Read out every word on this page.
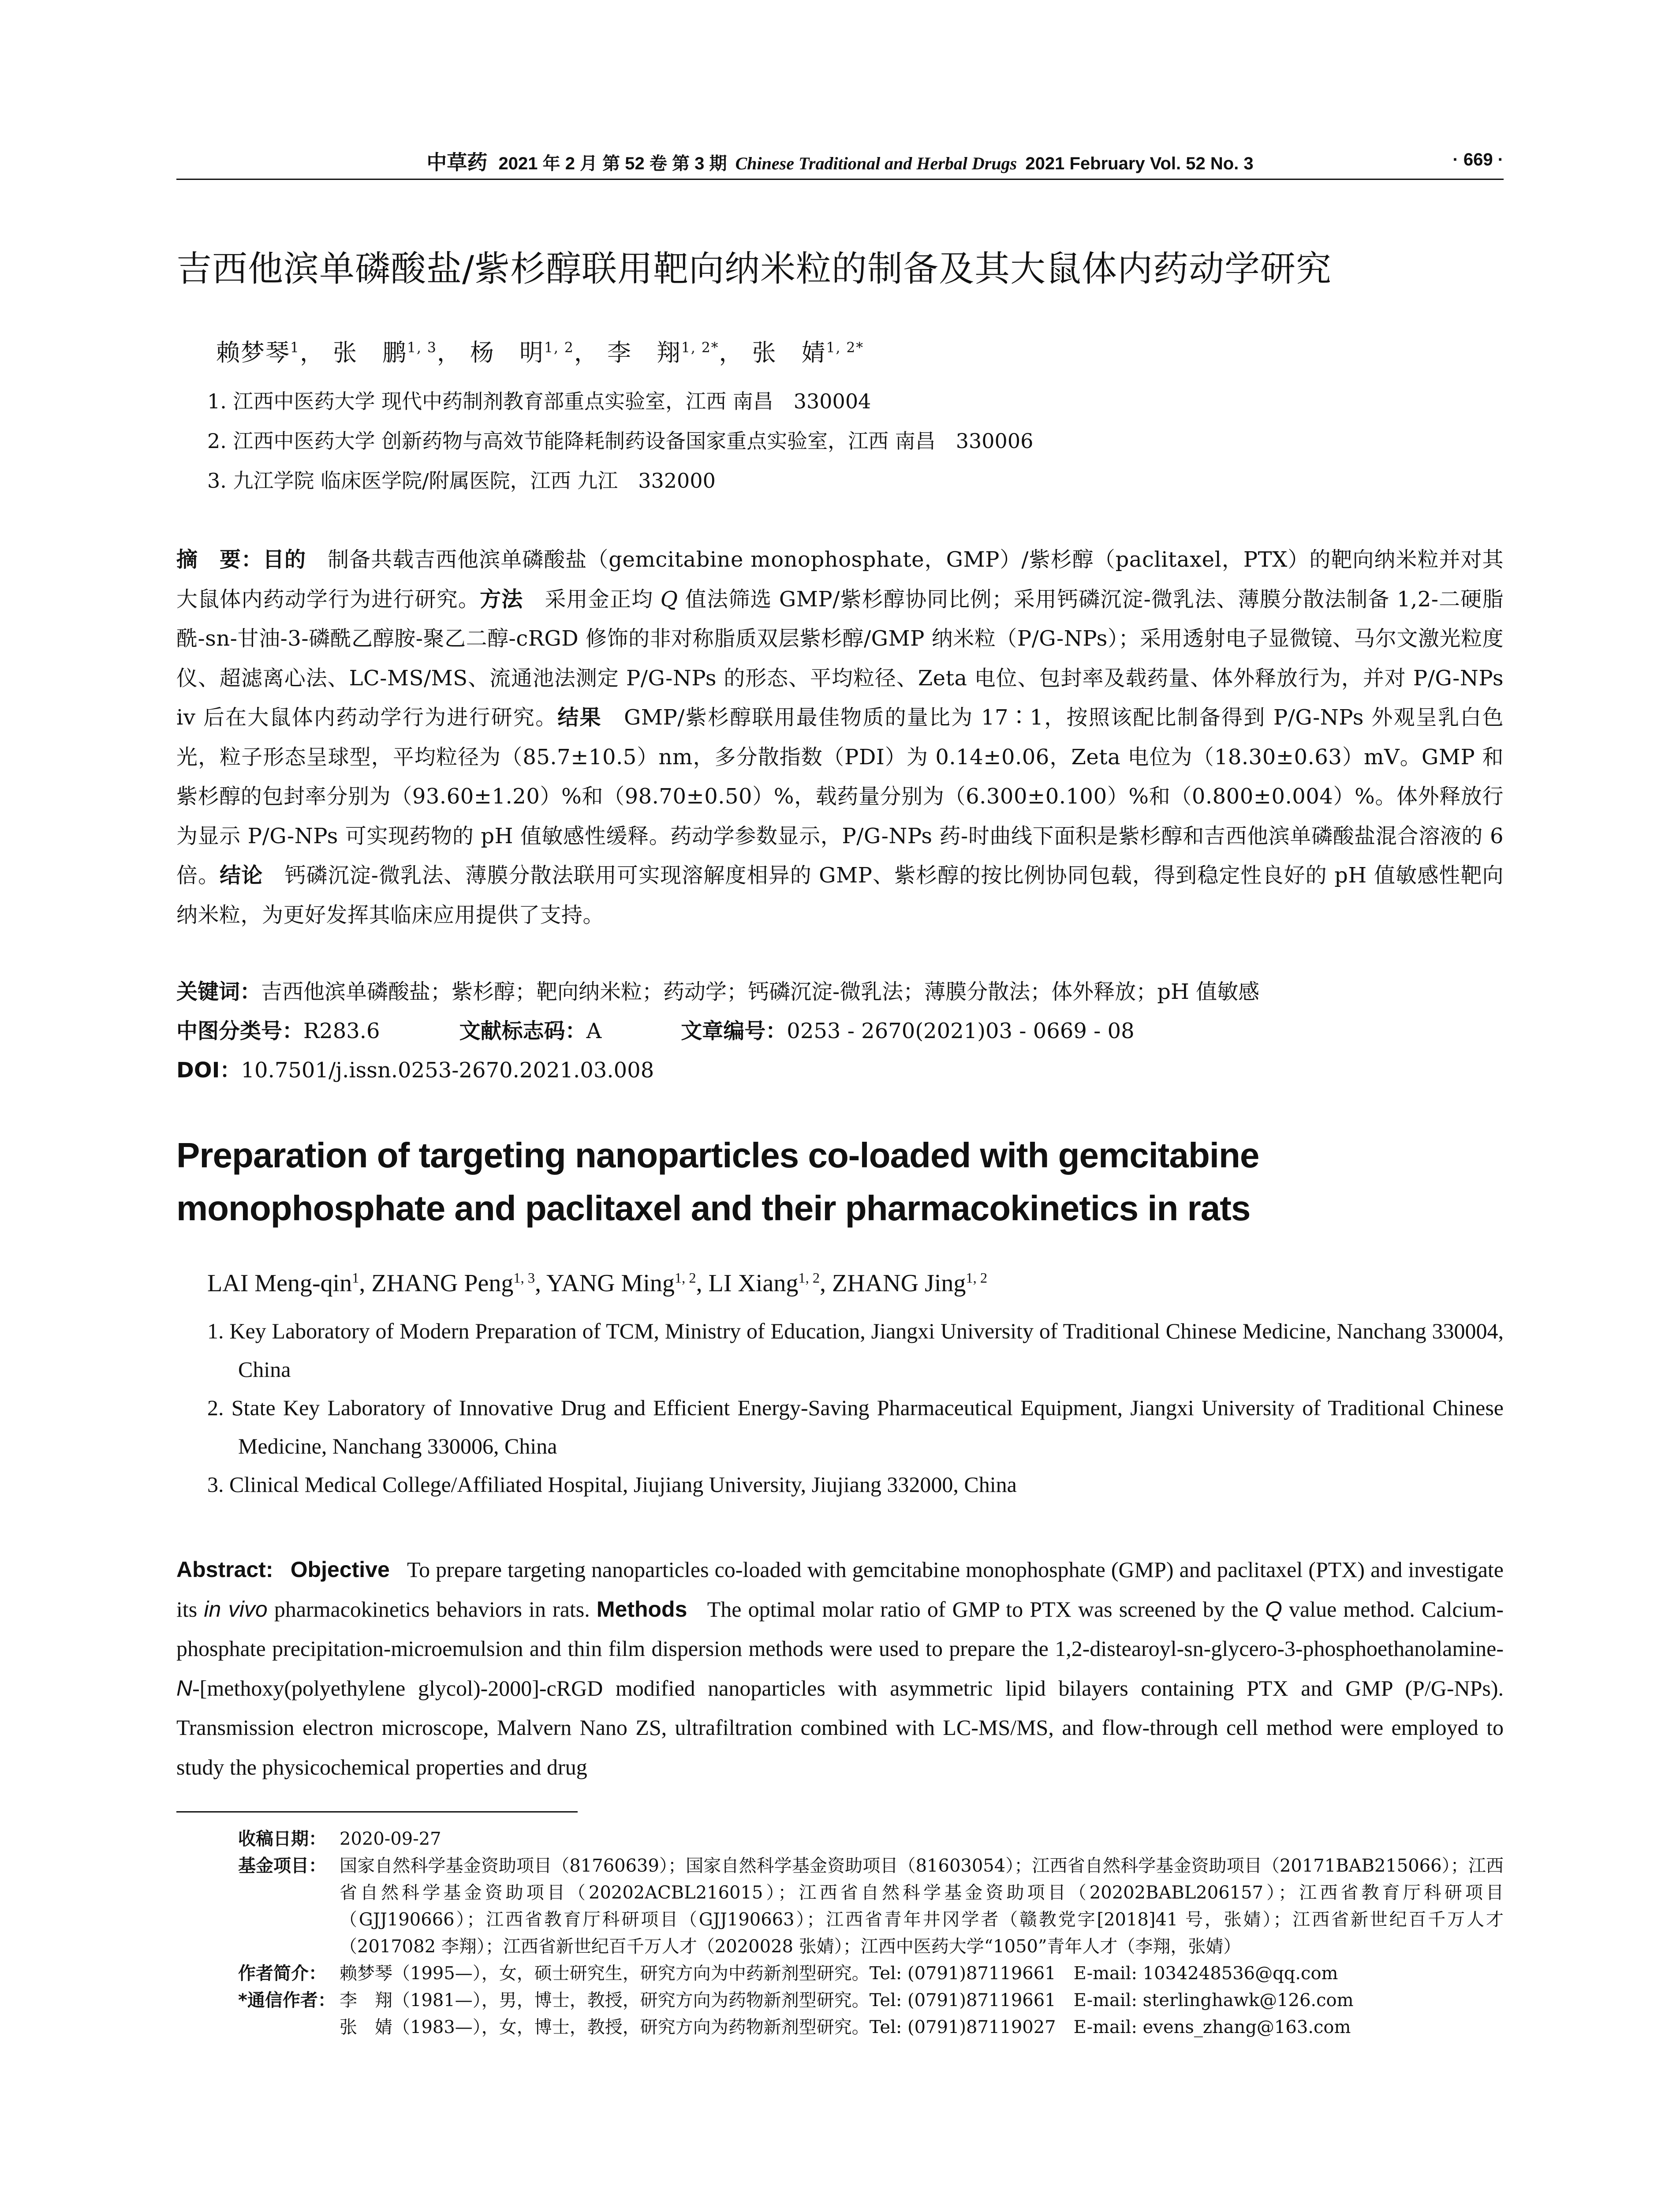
中草药 2021 年 2 月 第 52 卷 第 3 期 Chinese Traditional and Herbal Drugs 2021 February Vol. 52 No. 3	· 669 ·
吉西他滨单磷酸盐/紫杉醇联用靶向纳米粒的制备及其大鼠体内药动学研究
赖梦琴$^1$， 张　鹏$^{1, 3}$， 杨　明$^{1, 2}$， 李　翔$^{1, 2*}$， 张　婧$^{1, 2*}$
1. 江西中医药大学 现代中药制剂教育部重点实验室，江西 南昌　330004
2. 江西中医药大学 创新药物与高效节能降耗制药设备国家重点实验室，江西 南昌　330006
3. 九江学院 临床医学院/附属医院，江西 九江　332000
摘　要：目的　 制备共载吉西他滨单磷酸盐（gemcitabine monophosphate，GMP）/紫杉醇（paclitaxel，PTX）的靶向纳米粒并对其大鼠体内药动学行为进行研究。方法　 采用金正均 Q 值法筛选 GMP/紫杉醇协同比例；采用钙磷沉淀-微乳法、薄膜分散法制备 1,2-二硬脂酰-sn-甘油-3-磷酰乙醇胺-聚乙二醇-cRGD 修饰的非对称脂质双层紫杉醇/GMP 纳米粒（P/G-NPs）；采用透射电子显微镜、马尔文激光粒度仪、超滤离心法、LC-MS/MS、流通池法测定 P/G-NPs 的形态、平均粒径、Zeta 电位、包封率及载药量、体外释放行为，并对 P/G-NPs iv 后在大鼠体内药动学行为进行研究。结果　 GMP/紫杉醇联用最佳物质的量比为 17∶1，按照该配比制备得到 P/G-NPs 外观呈乳白色光，粒子形态呈球型，平均粒径为（85.7±10.5）nm，多分散指数（PDI）为 0.14±0.06，Zeta 电位为（18.30±0.63）mV。GMP 和紫杉醇的包封率分别为（93.60±1.20）%和（98.70±0.50）%，载药量分别为（6.300±0.100）%和（0.800±0.004）%。体外释放行为显示 P/G-NPs 可实现药物的 pH 值敏感性缓释。药动学参数显示，P/G-NPs 药-时曲线下面积是紫杉醇和吉西他滨单磷酸盐混合溶液的 6 倍。结论　 钙磷沉淀-微乳法、薄膜分散法联用可实现溶解度相异的 GMP、紫杉醇的按比例协同包载，得到稳定性良好的 pH 值敏感性靶向纳米粒，为更好发挥其临床应用提供了支持。
关键词：吉西他滨单磷酸盐；紫杉醇；靶向纳米粒；药动学；钙磷沉淀-微乳法；薄膜分散法；体外释放；pH 值敏感
中图分类号：R283.6	文献标志码：A	文章编号：0253 - 2670(2021)03 - 0669 - 08
DOI：10.7501/j.issn.0253-2670.2021.03.008
Preparation of targeting nanoparticles co-loaded with gemcitabine monophosphate and paclitaxel and their pharmacokinetics in rats
LAI Meng-qin$^1$, ZHANG Peng$^{1, 3}$, YANG Ming$^{1, 2}$, LI Xiang$^{1, 2}$, ZHANG Jing$^{1, 2}$
1. Key Laboratory of Modern Preparation of TCM, Ministry of Education, Jiangxi University of Traditional Chinese Medicine, Nanchang 330004, China
2. State Key Laboratory of Innovative Drug and Efficient Energy-Saving Pharmaceutical Equipment, Jiangxi University of Traditional Chinese Medicine, Nanchang 330006, China
3. Clinical Medical College/Affiliated Hospital, Jiujiang University, Jiujiang 332000, China
Abstract: Objective To prepare targeting nanoparticles co-loaded with gemcitabine monophosphate (GMP) and paclitaxel (PTX) and investigate its in vivo pharmacokinetics behaviors in rats. Methods The optimal molar ratio of GMP to PTX was screened by the Q value method. Calcium-phosphate precipitation-microemulsion and thin film dispersion methods were used to prepare the 1,2-distearoyl-sn-glycero-3-phosphoethanolamine-N-[methoxy(polyethylene glycol)-2000]-cRGD modified nanoparticles with asymmetric lipid bilayers containing PTX and GMP (P/G-NPs). Transmission electron microscope, Malvern Nano ZS, ultrafiltration combined with LC-MS/MS, and flow-through cell method were employed to study the physicochemical properties and drug
收稿日期： 2020-09-27
基金项目： 国家自然科学基金资助项目（81760639）；国家自然科学基金资助项目（81603054）；江西省自然科学基金资助项目（20171BAB215066）；江西省自然科学基金资助项目（20202ACBL216015）；江西省自然科学基金资助项目（20202BABL206157）；江西省教育厅科研项目（GJJ190666）；江西省教育厅科研项目（GJJ190663）；江西省青年井冈学者（赣教党字[2018]41 号，张婧）；江西省新世纪百千万人才（2017082 李翔）；江西省新世纪百千万人才（2020028 张婧）；江西中医药大学“1050”青年人才（李翔，张婧）
作者简介： 赖梦琴（1995—），女，硕士研究生，研究方向为中药新剂型研究。Tel: (0791)87119661　E-mail: 1034248536@qq.com
*通信作者： 李　翔（1981—），男，博士，教授，研究方向为药物新剂型研究。Tel: (0791)87119661　E-mail: sterlinghawk@126.com
张　婧（1983—），女，博士，教授，研究方向为药物新剂型研究。Tel: (0791)87119027　E-mail: evens_zhang@163.com
